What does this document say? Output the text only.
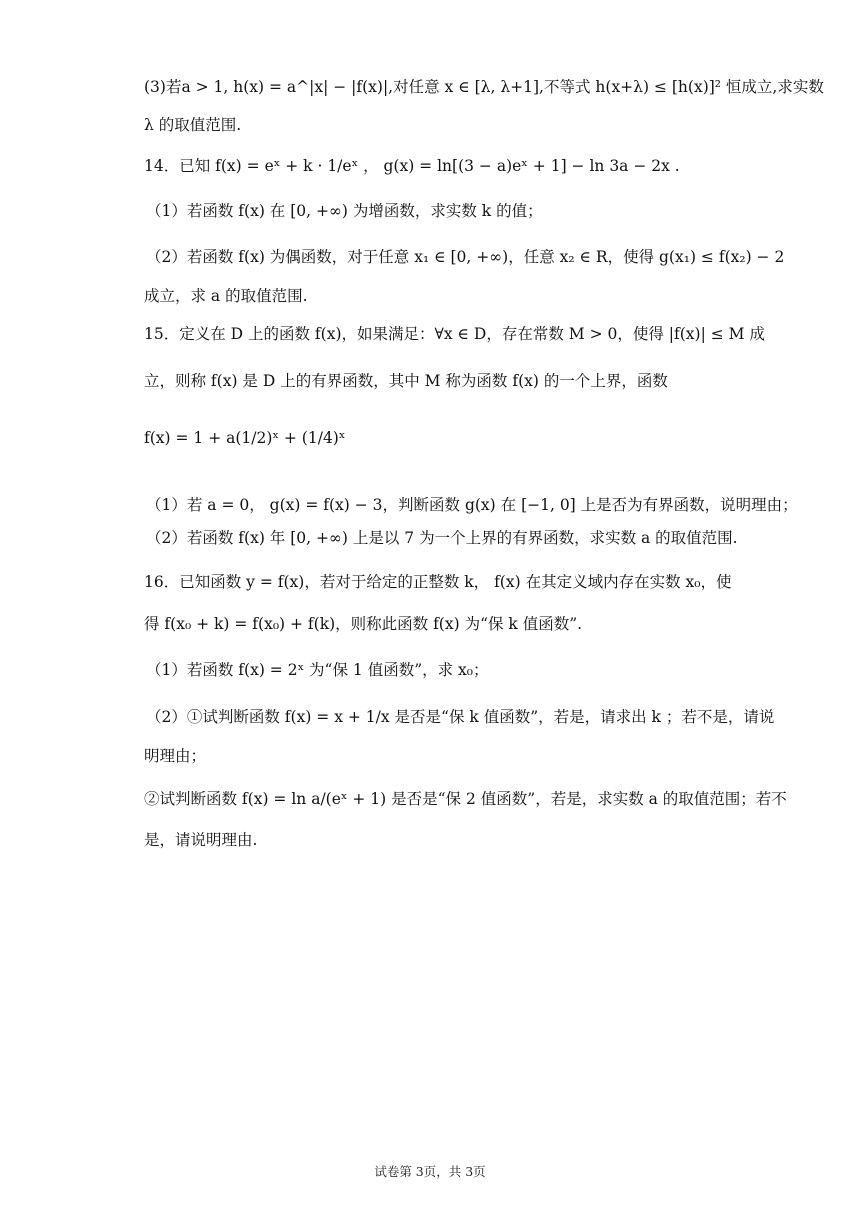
(3)若a > 1, h(x) = a^|x| − |f(x)|,对任意 x ∈ [λ, λ+1],不等式 h(x+λ) ≤ [h(x)]² 恒成立,求实数
λ 的取值范围.
14．已知 f(x) = eˣ + k · 1/eˣ ， g(x) = ln[(3 − a)eˣ + 1] − ln 3a − 2x .
（1）若函数 f(x) 在 [0, +∞) 为增函数，求实数 k 的值；
（2）若函数 f(x) 为偶函数，对于任意 x₁ ∈ [0, +∞)，任意 x₂ ∈ R，使得 g(x₁) ≤ f(x₂) − 2
成立，求 a 的取值范围.
15．定义在 D 上的函数 f(x)，如果满足：∀x ∈ D，存在常数 M > 0，使得 |f(x)| ≤ M 成
立，则称 f(x) 是 D 上的有界函数，其中 M 称为函数 f(x) 的一个上界，函数
f(x) = 1 + a(1/2)ˣ + (1/4)ˣ
（1）若 a = 0， g(x) = f(x) − 3，判断函数 g(x) 在 [−1, 0] 上是否为有界函数，说明理由；
（2）若函数 f(x) 年 [0, +∞) 上是以 7 为一个上界的有界函数，求实数 a 的取值范围.
16．已知函数 y = f(x)，若对于给定的正整数 k， f(x) 在其定义域内存在实数 x₀，使
得 f(x₀ + k) = f(x₀) + f(k)，则称此函数 f(x) 为“保 k 值函数”.
（1）若函数 f(x) = 2ˣ 为“保 1 值函数”，求 x₀；
（2）①试判断函数 f(x) = x + 1/x 是否是“保 k 值函数”，若是，请求出 k ；若不是，请说
明理由；
②试判断函数 f(x) = ln a/(eˣ + 1) 是否是“保 2 值函数”，若是，求实数 a 的取值范围；若不
是，请说明理由.
试卷第 3页，共 3页
